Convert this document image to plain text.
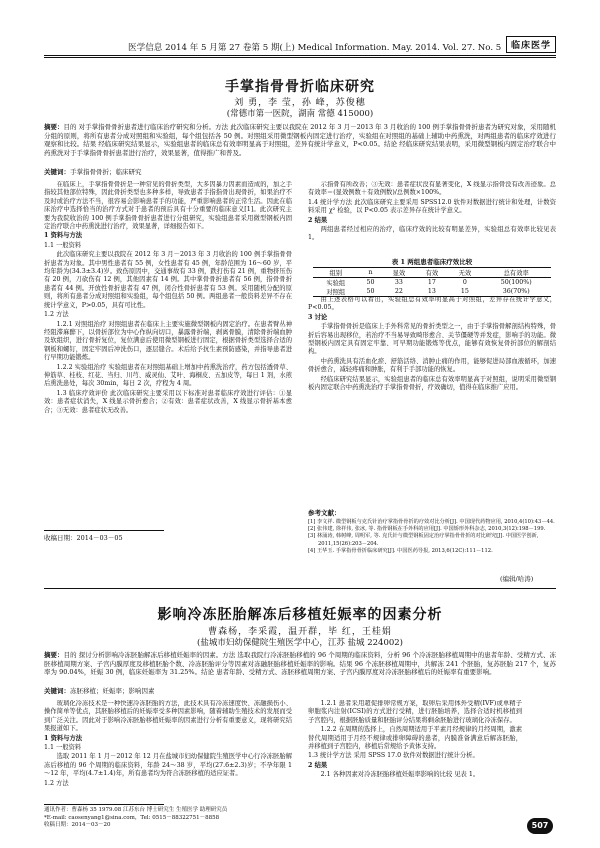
医学信息 2014 年 5 月第 27 卷第 5 期(上) Medical Information. May. 2014. Vol. 27. No. 5	临床医学
手掌指骨骨折临床研究
刘 勇，李 莹，孙 峰，苏俊穗
(常德市第一医院，湖南 常德 415000)
摘要：目的 对手掌指骨骨折患者进行临床治疗研究和分析。方法 此次临床研究主要以我院在 2012 年 3 月－2013 年 3 月收治的 100 例手掌指骨骨折患者为研究对象，采用随机分组的原则，将所有患者分成对照组和实验组，每个组包括各 50 例。对照组采用微型钢板内固定进行治疗，实验组在对照组的基础上辅助中药熏洗，对两组患者的临床疗效进行观察和比较。结果 经临床研究结果显示，实验组患者的临床总有效率明显高于对照组，差异有统计学意义，P<0.05。结论 经临床研究结果表明，采用微型钢板内固定治疗联合中药熏洗对于手掌指骨骨折患者进行治疗，效果显著，值得推广和普及。
关键词：手掌指骨骨折；临床研究

在临床上，手掌指骨骨折是一种常见的骨折类型，大多因暴力因素而造成的，加之手指较其他部位特殊，因此骨折类型也多种多样，导致患者手指指骨出现骨折，如果治疗不及时或治疗方法不当，很容易会影响患者手的功能，严重影响患者的正常生活。因此在临床治疗中选择恰当的治疗方式对于患者的预后具有十分重要的临床意义[1]。此次研究主要为我院收治的 100 例手掌指骨骨折患者进行分组研究，实验组患者采用微型钢板内固定治疗联合中药熏洗进行治疗，效果显著，详细报告如下。

1 资料与方法

1.1 一般资料

此次临床研究主要以我院在 2012 年 3 月－2013 年 3 月收治的 100 例手掌指骨骨折患者为对象。其中男性患者有 55 例，女性患者有 45 例，年龄范围为 16～60 岁，平均年龄为(34.3±3.4)岁。致伤原因中，交通事故有 33 例，跌打伤有 21 例，重物挤压伤有 20 例，刀砍伤有 12 例，其他因素有 14 例。其中掌骨骨折患者有 56 例，指骨骨折患者有 44 例。开放性骨折患者有 47 例，闭合性骨折患者有 53 例。采用随机分配的原则，将所有患者分成对照组和实验组，每个组包括 50 例。两组患者一般资料差异不存在统计学意义，P>0.05，具有可比性。

1.2 方法

1.2.1 对照组治疗 对照组患者在临床上主要实施微型钢板内固定治疗。在患者臂丛神经阻滞麻醉下，以骨折部位为中心作纵向切口，暴露骨折端，剥离骨膜，清除骨折端血肿及软组织，进行骨折复位，复位满意后使用微型钢板进行固定，根据骨折类型选择合适的钢板和螺钉，固定牢固后冲洗伤口，逐层缝合。术后给予抗生素预防感染，并指导患者进行早期功能锻炼。

1.2.2 实验组治疗 实验组患者在对照组基础上增加中药熏洗治疗，药方包括透骨草、伸筋草、桂枝、红花、当归、川芎、威灵仙、艾叶、海桐皮、五加皮等，每日 1 剂，水煎后熏洗患处，每次 30min，每日 2 次，疗程为 4 周。

1.3 临床疗效评价 此次临床研究主要采用以下标准对患者临床疗效进行评估：①显效：患者症状消失，X 线显示骨折愈合；②有效：患者症状改善，X 线显示骨折基本愈合；③无效：患者症状无改善。

收稿日期：2014－03－05

示指骨有所改善；③无效：患者症状没有显著变化，X 线显示指骨没有改善迹象。总有效率＝(显效例数＋有效例数)/总例数×100%。

1.4 统计学方法 此次临床研究主要采用 SPSS12.0 软件对数据进行统计和处理，计数资料采用 χ² 检验，以 P<0.05 表示差异存在统计学意义。

2 结果

两组患者经过相应的治疗，临床疗效的比较有明显差异，实验组总有效率比较见表 1。

表 1 两组患者临床疗效比较
组别	n	显效	有效	无效	总有效率
实验组	50	33	17	0	50(100%)
对照组	50	22	13	15	36(70%)

由上述表格可以看出，实验组总有效率明显高于对照组，差异存在统计学意义，P<0.05。

3 讨论

手掌指骨骨折是临床上手外科常见的骨折类型之一，由于手掌指骨解剖结构特殊，骨折后容易出现移位，若治疗不当易导致畸形愈合、关节僵硬等并发症，影响手的功能。微型钢板内固定具有固定牢靠、可早期功能锻炼等优点，能够有效恢复骨折部位的解剖结构。

中药熏洗具有活血化瘀、舒筋活络、消肿止痛的作用，能够促进局部血液循环，加速骨折愈合，减轻疼痛和肿胀，有利于手部功能的恢复。

经临床研究结果显示，实验组患者的临床总有效率明显高于对照组，说明采用微型钢板内固定联合中药熏洗治疗手掌指骨骨折，疗效确切，值得在临床推广应用。

参考文献：
[1] 李文祥. 微型钢板与克氏针治疗掌指骨骨折的疗效对比分析[J]. 中国现代药物应用, 2010,4(10):43－44.
[2] 张伟建, 徐祥伟, 张冰, 等. 指骨钢板在手外科的应用[J]. 中国矫形外科杂志, 2010,3(12):198－199.
[3] 林涌涛, 韩树峰, 周明军, 等. 克氏针与微型钢板固定治疗掌指骨骨折的对比研究[J]. 中国医学创新, 2011,15(26):203－204.
[4] 王华玉. 手掌指骨骨折临床研究[J]. 中国医药导报, 2013,6(12C):111－112.
(编辑/哈涛)
影响冷冻胚胎解冻后移植妊娠率的因素分析
曹森杨，李采霞，温开群，毕 红，王桂娟
(盐城市妇幼保健院生殖医学中心，江苏 盐城 224002)
摘要：目的 探讨分析影响冷冻胚胎解冻后移植妊娠率的因素。方法 选取我院行冷冻胚胎移植的 96 个周期的临床资料，分析 96 个冷冻胚胎移植周期中的患者年龄、受精方式、冻胚移植周期方案、子宫内膜厚度及移植胚胎个数、冷冻胚胎评分等因素对冻融胚胎移植妊娠率的影响。结果 96 个冻胚移植周期中，共解冻 241 个胚胎，复苏胚胎 217 个，复苏率为 90.04%，妊娠 30 例，临床妊娠率为 31.25%。结论 患者年龄、受精方式、冻胚移植周期方案、子宫内膜厚度对冷冻胚胎移植后的妊娠率有重要影响。
关键词：冻胚移植；妊娠率；影响因素

玻璃化冷冻技术是一种快速冷冻胚胎的方法，此技术具有冷冻速度快、冻融损伤小、操作简单等优点，其胚胎移植后的妊娠率受多种因素影响，随着辅助生殖技术的发展而受到广泛关注。因此对于影响冷冻胚胎移植妊娠率的因素进行分析有重要意义，现将研究结果报道如下。

1 资料与方法

1.1 一般资料

选取 2011 年 1 月－2012 年 12 月在盐城市妇幼保健院生殖医学中心行冷冻胚胎解冻后移植的 96 个周期的临床资料，年龄 24～38 岁，平均(27.6±2.3)岁；不孕年限 1～12 年，平均(4.7±1.4)年，所有患者均为符合冻胚移植的适应证者。

1.2 方法

通讯作者：曹森杨 35 1979.08 江苏东台 博士研究生 生殖医学 助理研究员
*E-mail: caosenyang1@sina.com，Tel: 0515－88322751－8858
收稿日期：2014－03－20

1.2.1 患者采用超促排卵常规方案，取卵后采用体外受精(IVF)或单精子卵胞浆内注射(ICSI)的方式进行受精，进行胚胎培养，选择合适时机移植到子宫腔内，根据胚胎质量和胚胎评分结果将剩余胚胎进行玻璃化冷冻保存。

1.2.2 在周期的选择上，自然周期适用于平素月经规律的月经周期，激素替代周期适用于月经不规律或排卵障碍的患者，内膜准备满意后解冻胚胎，并移植到子宫腔内，移植后常规给予黄体支持。

1.3 统计学方法 采用 SPSS 17.0 软件对数据进行统计分析。

2 结果

2.1 各种因素对冷冻胚胎移植妊娠率影响的比较 见表 1。

507
